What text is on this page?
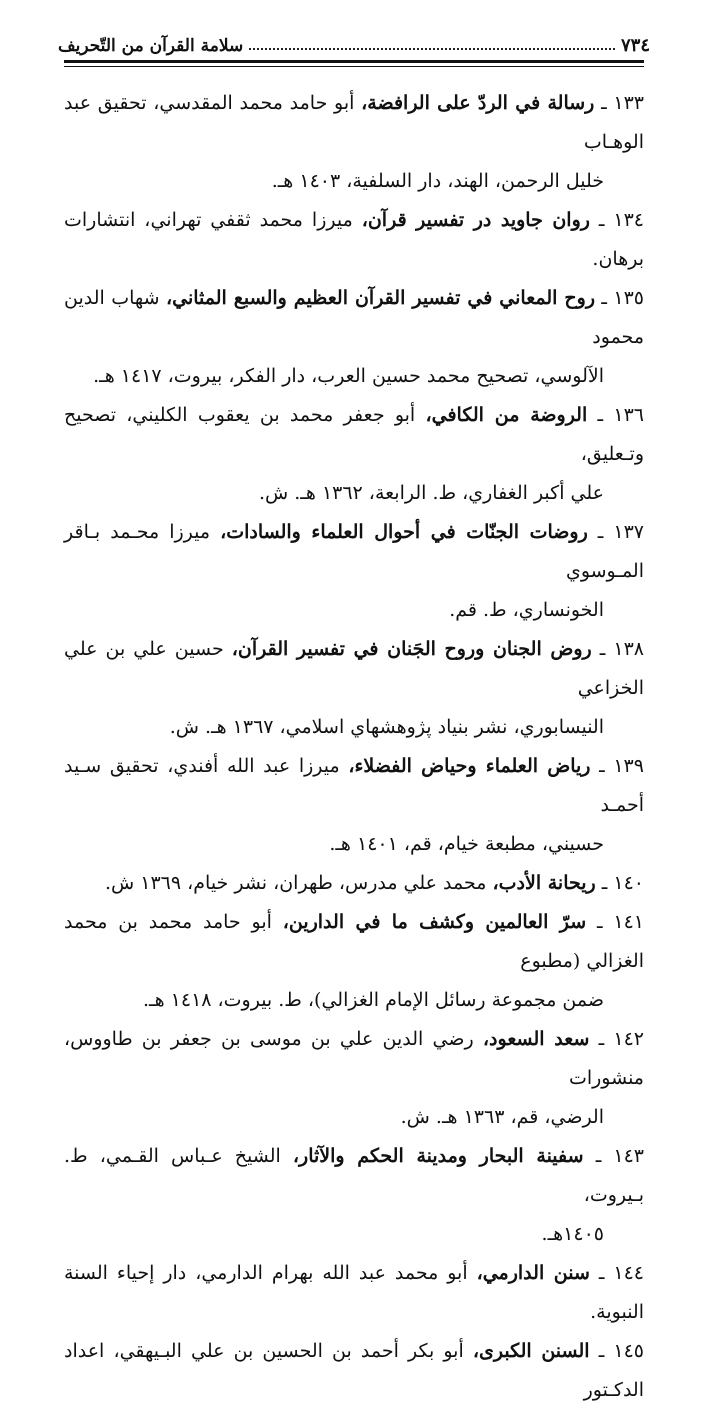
٧٣٤
سلامة القرآن من التّحريف

١٣٣ ـ رسالة في الردّ على الرافضة، أبو حامد محمد المقدسي، تحقيق عبد الوهـاب
خليل الرحمن، الهند، دار السلفية، ١٤٠٣ هـ.

١٣٤ ـ روان جاويد در تفسير قرآن، ميرزا محمد ثقفي تهراني، انتشارات برهان.

١٣٥ ـ روح المعاني في تفسير القرآن العظيم والسبع المثاني، شهاب الدين محمود
الآلوسي، تصحيح محمد حسين العرب، دار الفكر، بيروت، ١٤١٧ هـ.

١٣٦ ـ الروضة من الكافي، أبو جعفر محمد بن يعقوب الكليني، تصحيح وتـعليق،
علي أكبر الغفاري، ط. الرابعة، ١٣٦٢ هـ. ش.

١٣٧ ـ روضات الجنّات في أحوال العلماء والسادات، ميرزا محـمد بـاقر المـوسوي
الخونساري، ط. قم.

١٣٨ ـ روض الجنان وروح الجَنان في تفسير القرآن، حسين علي بن علي الخزاعي
النيسابوري، نشر بنياد پژوهشهاي اسلامي، ١٣٦٧ هـ. ش.

١٣٩ ـ رياض العلماء وحياض الفضلاء، ميرزا عبد الله أفندي، تحقيق سـيد أحمـد
حسيني، مطبعة خيام، قم، ١٤٠١ هـ.

١٤٠ ـ ريحانة الأدب، محمد علي مدرس، طهران، نشر خيام، ١٣٦٩ ش.

١٤١ ـ سرّ العالمين وكشف ما في الدارين، أبو حامد محمد بن محمد الغزالي (مطبوع
ضمن مجموعة رسائل الإمام الغزالي)، ط. بيروت، ١٤١٨ هـ.

١٤٢ ـ سعد السعود، رضي الدين علي بن موسى بن جعفر بن طاووس، منشورات
الرضي، قم، ١٣٦٣ هـ. ش.

١٤٣ ـ سفينة البحار ومدينة الحكم والآثار، الشيخ عـباس القـمي، ط. بـيروت،
١٤٠٥هـ.

١٤٤ ـ سنن الدارمي، أبو محمد عبد الله بهرام الدارمي، دار إحياء السنة النبوية.

١٤٥ ـ السنن الكبرى، أبو بكر أحمد بن الحسين بن علي البـيهقي، اعداد الدكـتور
